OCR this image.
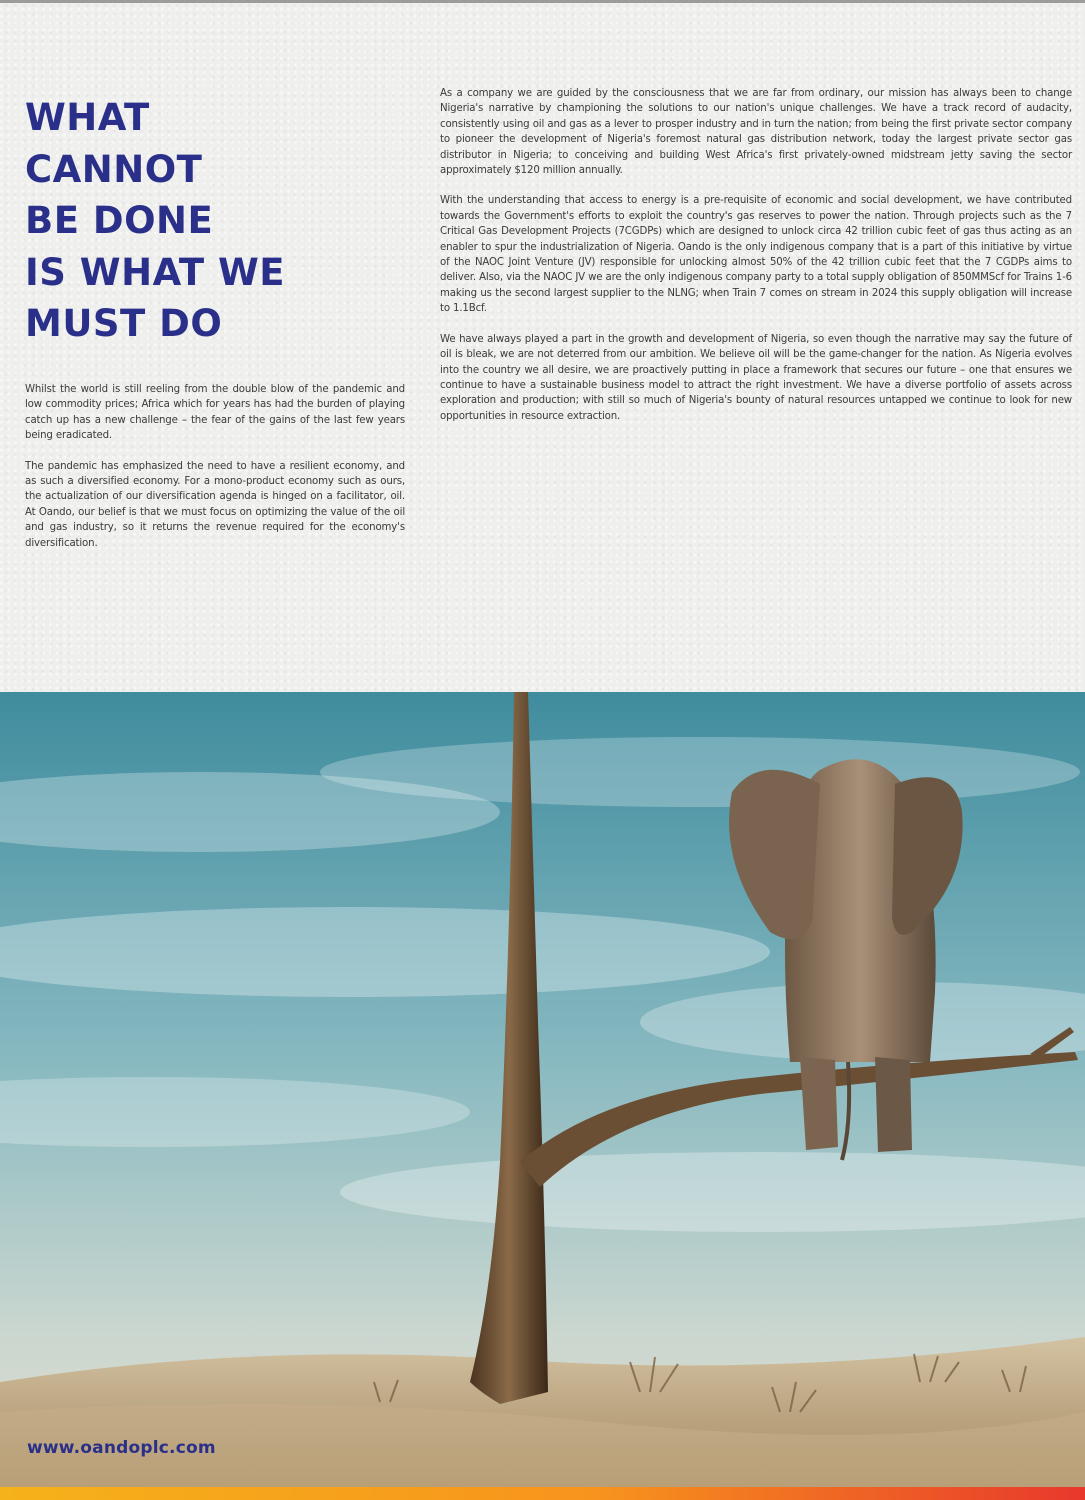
WHAT
CANNOT
BE DONE
IS WHAT WE
MUST DO

Whilst the world is still reeling from the double blow of the pandemic and low commodity prices; Africa which for years has had the burden of playing catch up has a new challenge – the fear of the gains of the last few years being eradicated.

The pandemic has emphasized the need to have a resilient economy, and as such a diversified economy. For a mono-product economy such as ours, the actualization of our diversification agenda is hinged on a facilitator, oil. At Oando, our belief is that we must focus on optimizing the value of the oil and gas industry, so it returns the revenue required for the economy's diversification.

As a company we are guided by the consciousness that we are far from ordinary, our mission has always been to change Nigeria's narrative by championing the solutions to our nation's unique challenges. We have a track record of audacity, consistently using oil and gas as a lever to prosper industry and in turn the nation; from being the first private sector company to pioneer the development of Nigeria's foremost natural gas distribution network, today the largest private sector gas distributor in Nigeria; to conceiving and building West Africa's first privately-owned midstream jetty saving the sector approximately $120 million annually.

With the understanding that access to energy is a pre-requisite of economic and social development, we have contributed towards the Government's efforts to exploit the country's gas reserves to power the nation. Through projects such as the 7 Critical Gas Development Projects (7CGDPs) which are designed to unlock circa 42 trillion cubic feet of gas thus acting as an enabler to spur the industrialization of Nigeria. Oando is the only indigenous company that is a part of this initiative by virtue of the NAOC Joint Venture (JV) responsible for unlocking almost 50% of the 42 trillion cubic feet that the 7 CGDPs aims to deliver. Also, via the NAOC JV we are the only indigenous company party to a total supply obligation of 850MMScf for Trains 1-6 making us the second largest supplier to the NLNG; when Train 7 comes on stream in 2024 this supply obligation will increase to 1.1Bcf.

We have always played a part in the growth and development of Nigeria, so even though the narrative may say the future of oil is bleak, we are not deterred from our ambition. We believe oil will be the game-changer for the nation. As Nigeria evolves into the country we all desire, we are proactively putting in place a framework that secures our future – one that ensures we continue to have a sustainable business model to attract the right investment. We have a diverse portfolio of assets across exploration and production; with still so much of Nigeria's bounty of natural resources untapped we continue to look for new opportunities in resource extraction.

www.oandoplc.com
